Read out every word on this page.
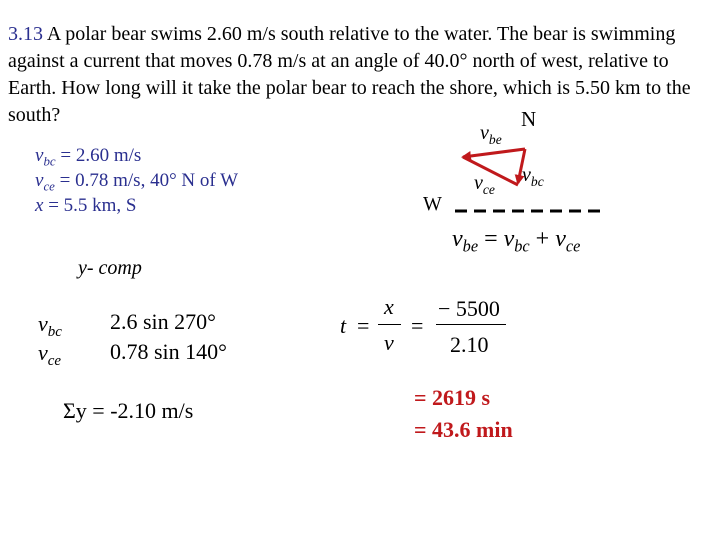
3.13 A polar bear swims 2.60 m/s south relative to the water. The bear is swimming against a current that moves 0.78 m/s at an angle of 40.0° north of west, relative to Earth. How long will it take the polar bear to reach the shore, which is 5.50 km to the south?
$v_{bc} = 2.60$ m/s
$v_{ce} = 0.78$ m/s, 40° N of W
x = 5.5 km, S
N
W
$v_{be}$
$v_{ce}$
$v_{bc}$
$v_{be} = v_{bc} + v_{ce}$
y- comp
$v_{bc}$ 2.6 sin 270°
$v_{ce}$ 0.78 sin 140°
Σy = -2.10 m/s
t =
x
v
=
− 5500
2.10
= 2619 s
= 43.6 min
